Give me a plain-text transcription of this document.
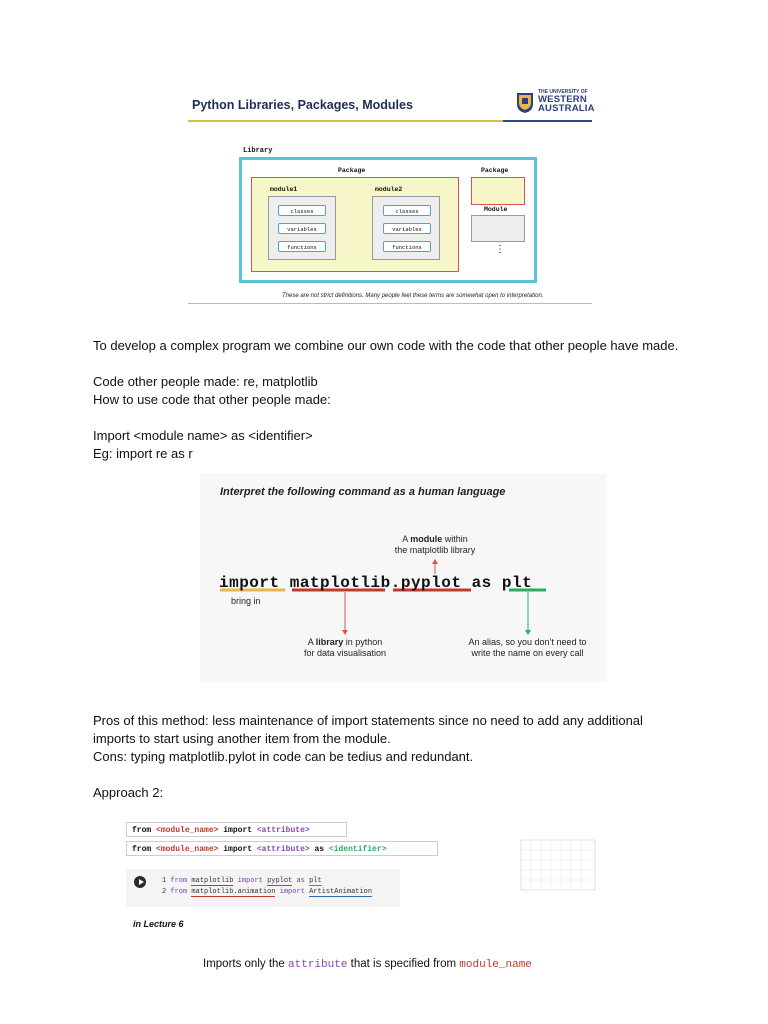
Python Libraries, Packages, Modules
THE UNIVERSITY OF
WESTERN
AUSTRALIA
Library
Package
module1
classes
variables
functions
module2
classes
variables
functions
Package
Module
⋮
These are not strict definitions. Many people feel these terms are somewhat open to interpretation.
To develop a complex program we combine our own code with the code that other people have made.
Code other people made: re, matplotlib
How to use code that other people made:
Import <module name> as <identifier>
Eg: import re as r
Interpret the following command as a human language
A module within
the matplotlib library
import matplotlib.pyplot as plt
bring in
A library in python
for data visualisation
An alias, so you don’t need to
write the name on every call
Pros of this method: less maintenance of import statements since no need to add any additional imports to start using another item from the module.
Cons: typing matplotlib.pylot in code can be tedius and redundant.
Approach 2:
from <module_name> import <attribute>
from <module_name> import <attribute> as <identifier>
1 from matplotlib import pyplot as plt
2 from matplotlib.animation import ArtistAnimation
in Lecture 6
Imports only the attribute that is specified from module_name
